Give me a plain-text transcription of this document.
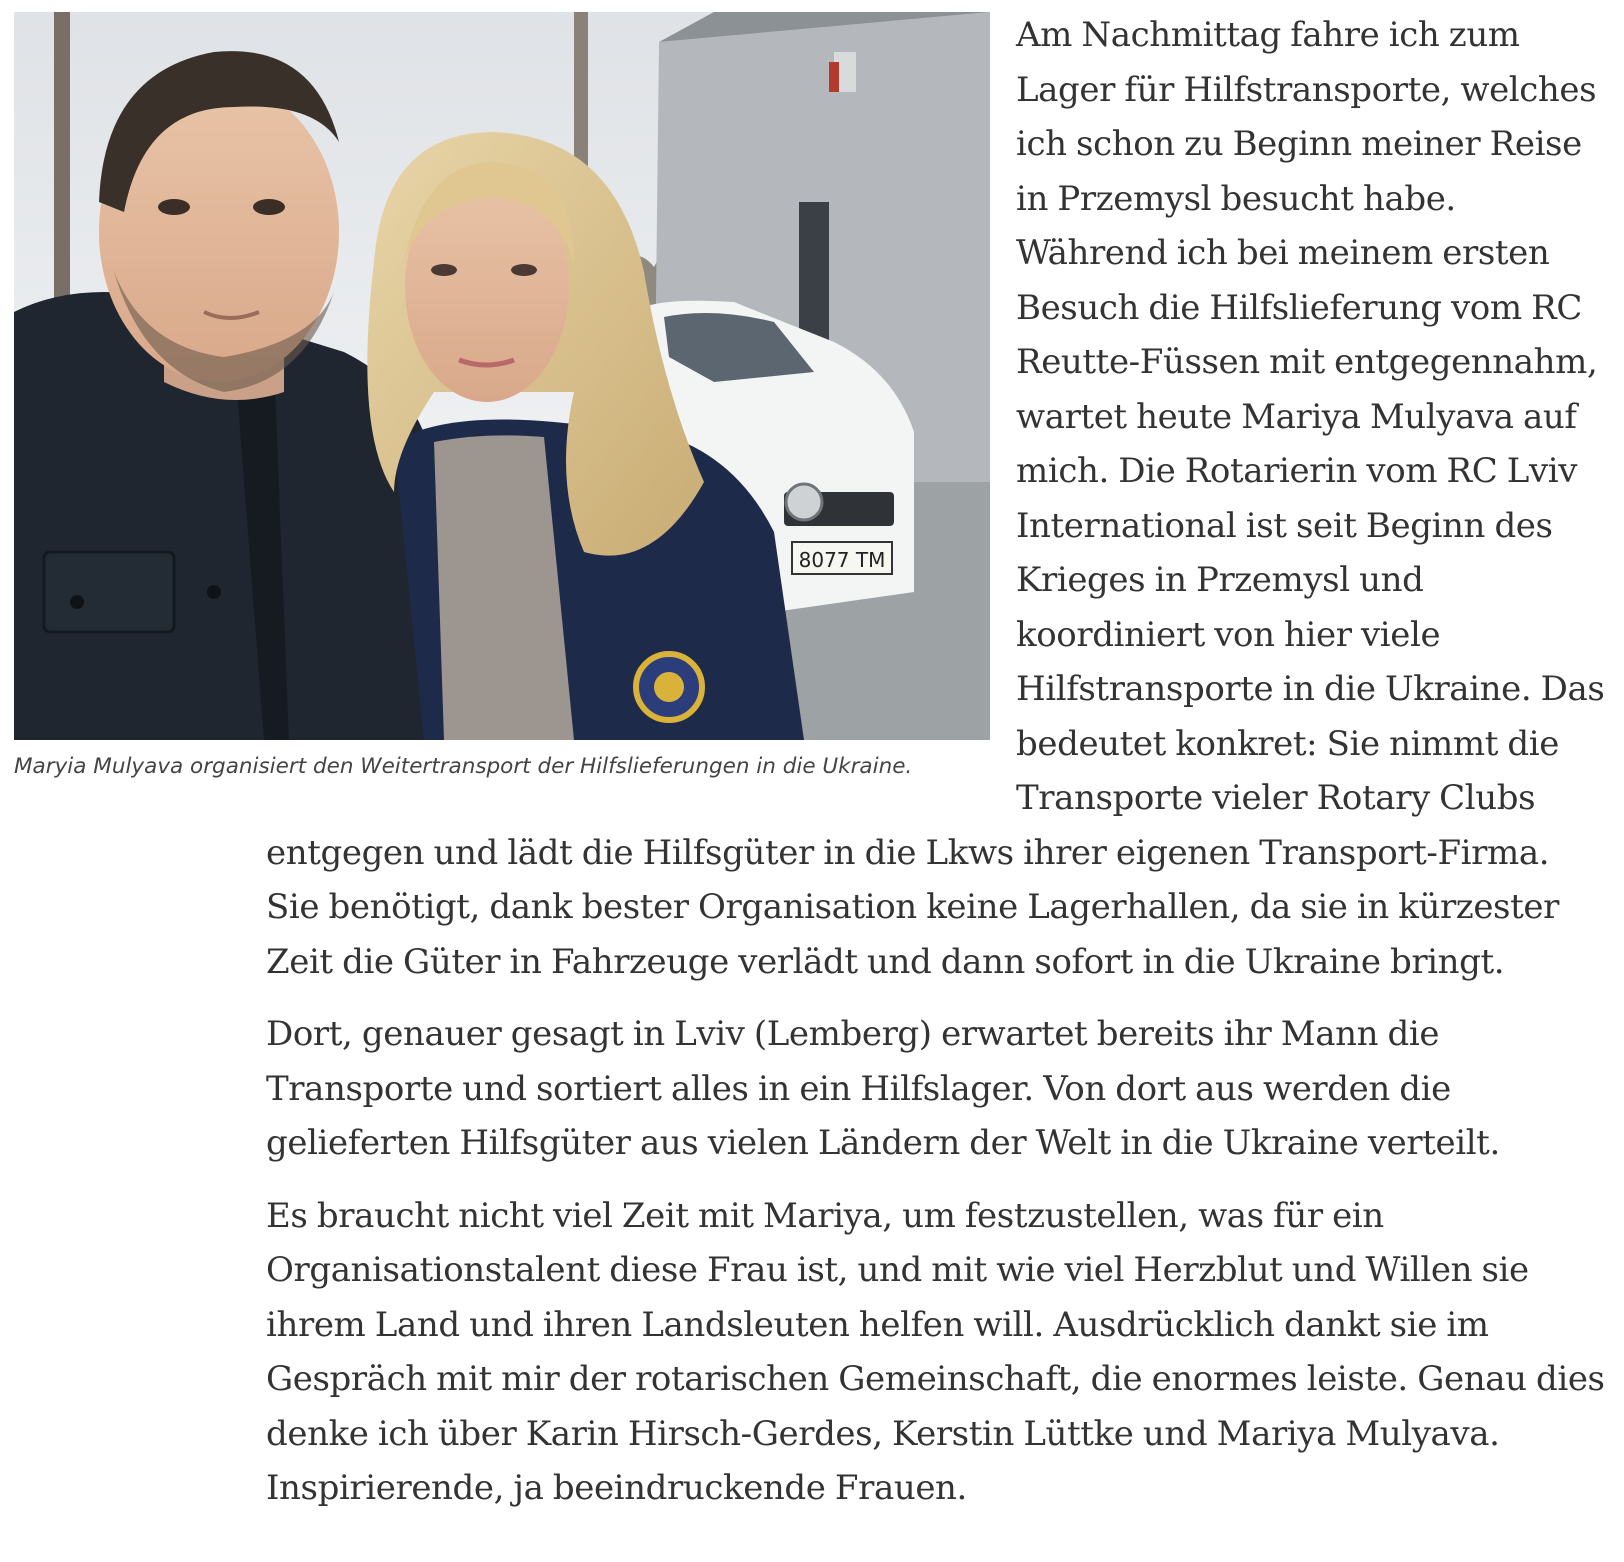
8077 TM
Maryia Mulyava organisiert den Weitertransport der Hilfslieferungen in die Ukraine.

Am Nachmittag fahre ich zum Lager für Hilfstransporte, welches ich schon zu Beginn meiner Reise in Przemysl besucht habe. Während ich bei meinem ersten Besuch die Hilfslieferung vom RC Reutte-Füssen mit entgegennahm, wartet heute Mariya Mulyava auf mich. Die Rotarierin vom RC Lviv International ist seit Beginn des Krieges in Przemysl und koordiniert von hier viele Hilfstransporte in die Ukraine. Das bedeutet konkret: Sie nimmt die Transporte vieler Rotary Clubs

entgegen und lädt die Hilfsgüter in die Lkws ihrer eigenen Transport-Firma. Sie benötigt, dank bester Organisation keine Lagerhallen, da sie in kürzester Zeit die Güter in Fahrzeuge verlädt und dann sofort in die Ukraine bringt.

Dort, genauer gesagt in Lviv (Lemberg) erwartet bereits ihr Mann die Transporte und sortiert alles in ein Hilfslager. Von dort aus werden die gelieferten Hilfsgüter aus vielen Ländern der Welt in die Ukraine verteilt.

Es braucht nicht viel Zeit mit Mariya, um festzustellen, was für ein Organisationstalent diese Frau ist, und mit wie viel Herzblut und Willen sie ihrem Land und ihren Landsleuten helfen will. Ausdrücklich dankt sie im Gespräch mit mir der rotarischen Gemeinschaft, die enormes leiste. Genau dies denke ich über Karin Hirsch-Gerdes, Kerstin Lüttke und Mariya Mulyava. Inspirierende, ja beeindruckende Frauen.
